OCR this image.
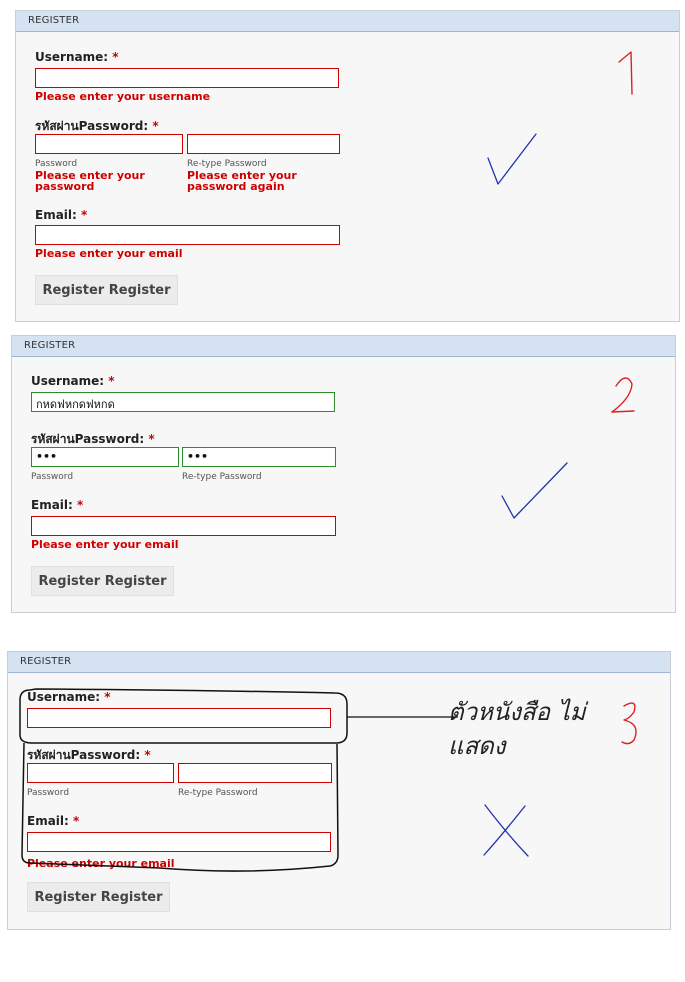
REGISTER
Username: *
Please enter your username
รหัสผ่านPassword: *
Password	Re-type Password
Please enter your password
Please enter your password again
Email: *
Please enter your email
Register Register
REGISTER
Username: *
กหดฟหกดฟหกด
รหัสผ่านPassword: *
•••	•••
Password	Re-type Password
Email: *
Please enter your email
Register Register
REGISTER
Username: *
รหัสผ่านPassword: *
Password	Re-type Password
Email: *
Please enter your email
Register Register
ตัวหนังสือ ไม่แสดง
